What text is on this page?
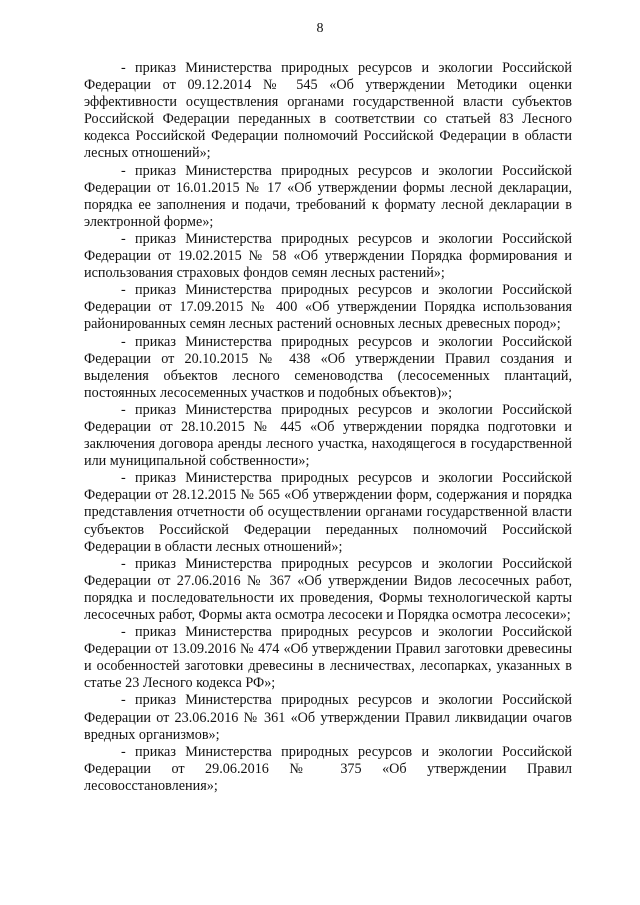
8

- приказ Министерства природных ресурсов и экологии Российской Федерации от 09.12.2014 № 545 «Об утверждении Методики оценки эффективности осуществления органами государственной власти субъектов Российской Федерации переданных в соответствии со статьей 83 Лесного кодекса Российской Федерации полномочий Российской Федерации в области лесных отношений»;

- приказ Министерства природных ресурсов и экологии Российской Федерации от 16.01.2015 № 17 «Об утверждении формы лесной декларации, порядка ее заполнения и подачи, требований к формату лесной декларации в электронной форме»;

- приказ Министерства природных ресурсов и экологии Российской Федерации от 19.02.2015 № 58 «Об утверждении Порядка формирования и использования страховых фондов семян лесных растений»;

- приказ Министерства природных ресурсов и экологии Российской Федерации от 17.09.2015 № 400 «Об утверждении Порядка использования районированных семян лесных растений основных лесных древесных пород»;

- приказ Министерства природных ресурсов и экологии Российской Федерации от 20.10.2015 № 438 «Об утверждении Правил создания и выделения объектов лесного семеноводства (лесосеменных плантаций, постоянных лесосеменных участков и подобных объектов)»;

- приказ Министерства природных ресурсов и экологии Российской Федерации от 28.10.2015 № 445 «Об утверждении порядка подготовки и заключения договора аренды лесного участка, находящегося в государственной или муниципальной собственности»;

- приказ Министерства природных ресурсов и экологии Российской Федерации от 28.12.2015 № 565 «Об утверждении форм, содержания и порядка представления отчетности об осуществлении органами государственной власти субъектов Российской Федерации переданных полномочий Российской Федерации в области лесных отношений»;

- приказ Министерства природных ресурсов и экологии Российской Федерации от 27.06.2016 № 367 «Об утверждении Видов лесосечных работ, порядка и последовательности их проведения, Формы технологической карты лесосечных работ, Формы акта осмотра лесосеки и Порядка осмотра лесосеки»;

- приказ Министерства природных ресурсов и экологии Российской Федерации от 13.09.2016 № 474 «Об утверждении Правил заготовки древесины и особенностей заготовки древесины в лесничествах, лесопарках, указанных в статье 23 Лесного кодекса РФ»;

- приказ Министерства природных ресурсов и экологии Российской Федерации от 23.06.2016 № 361 «Об утверждении Правил ликвидации очагов вредных организмов»;

- приказ Министерства природных ресурсов и экологии Российской Федерации от 29.06.2016 № 375 «Об утверждении Правил лесовосстановления»;
